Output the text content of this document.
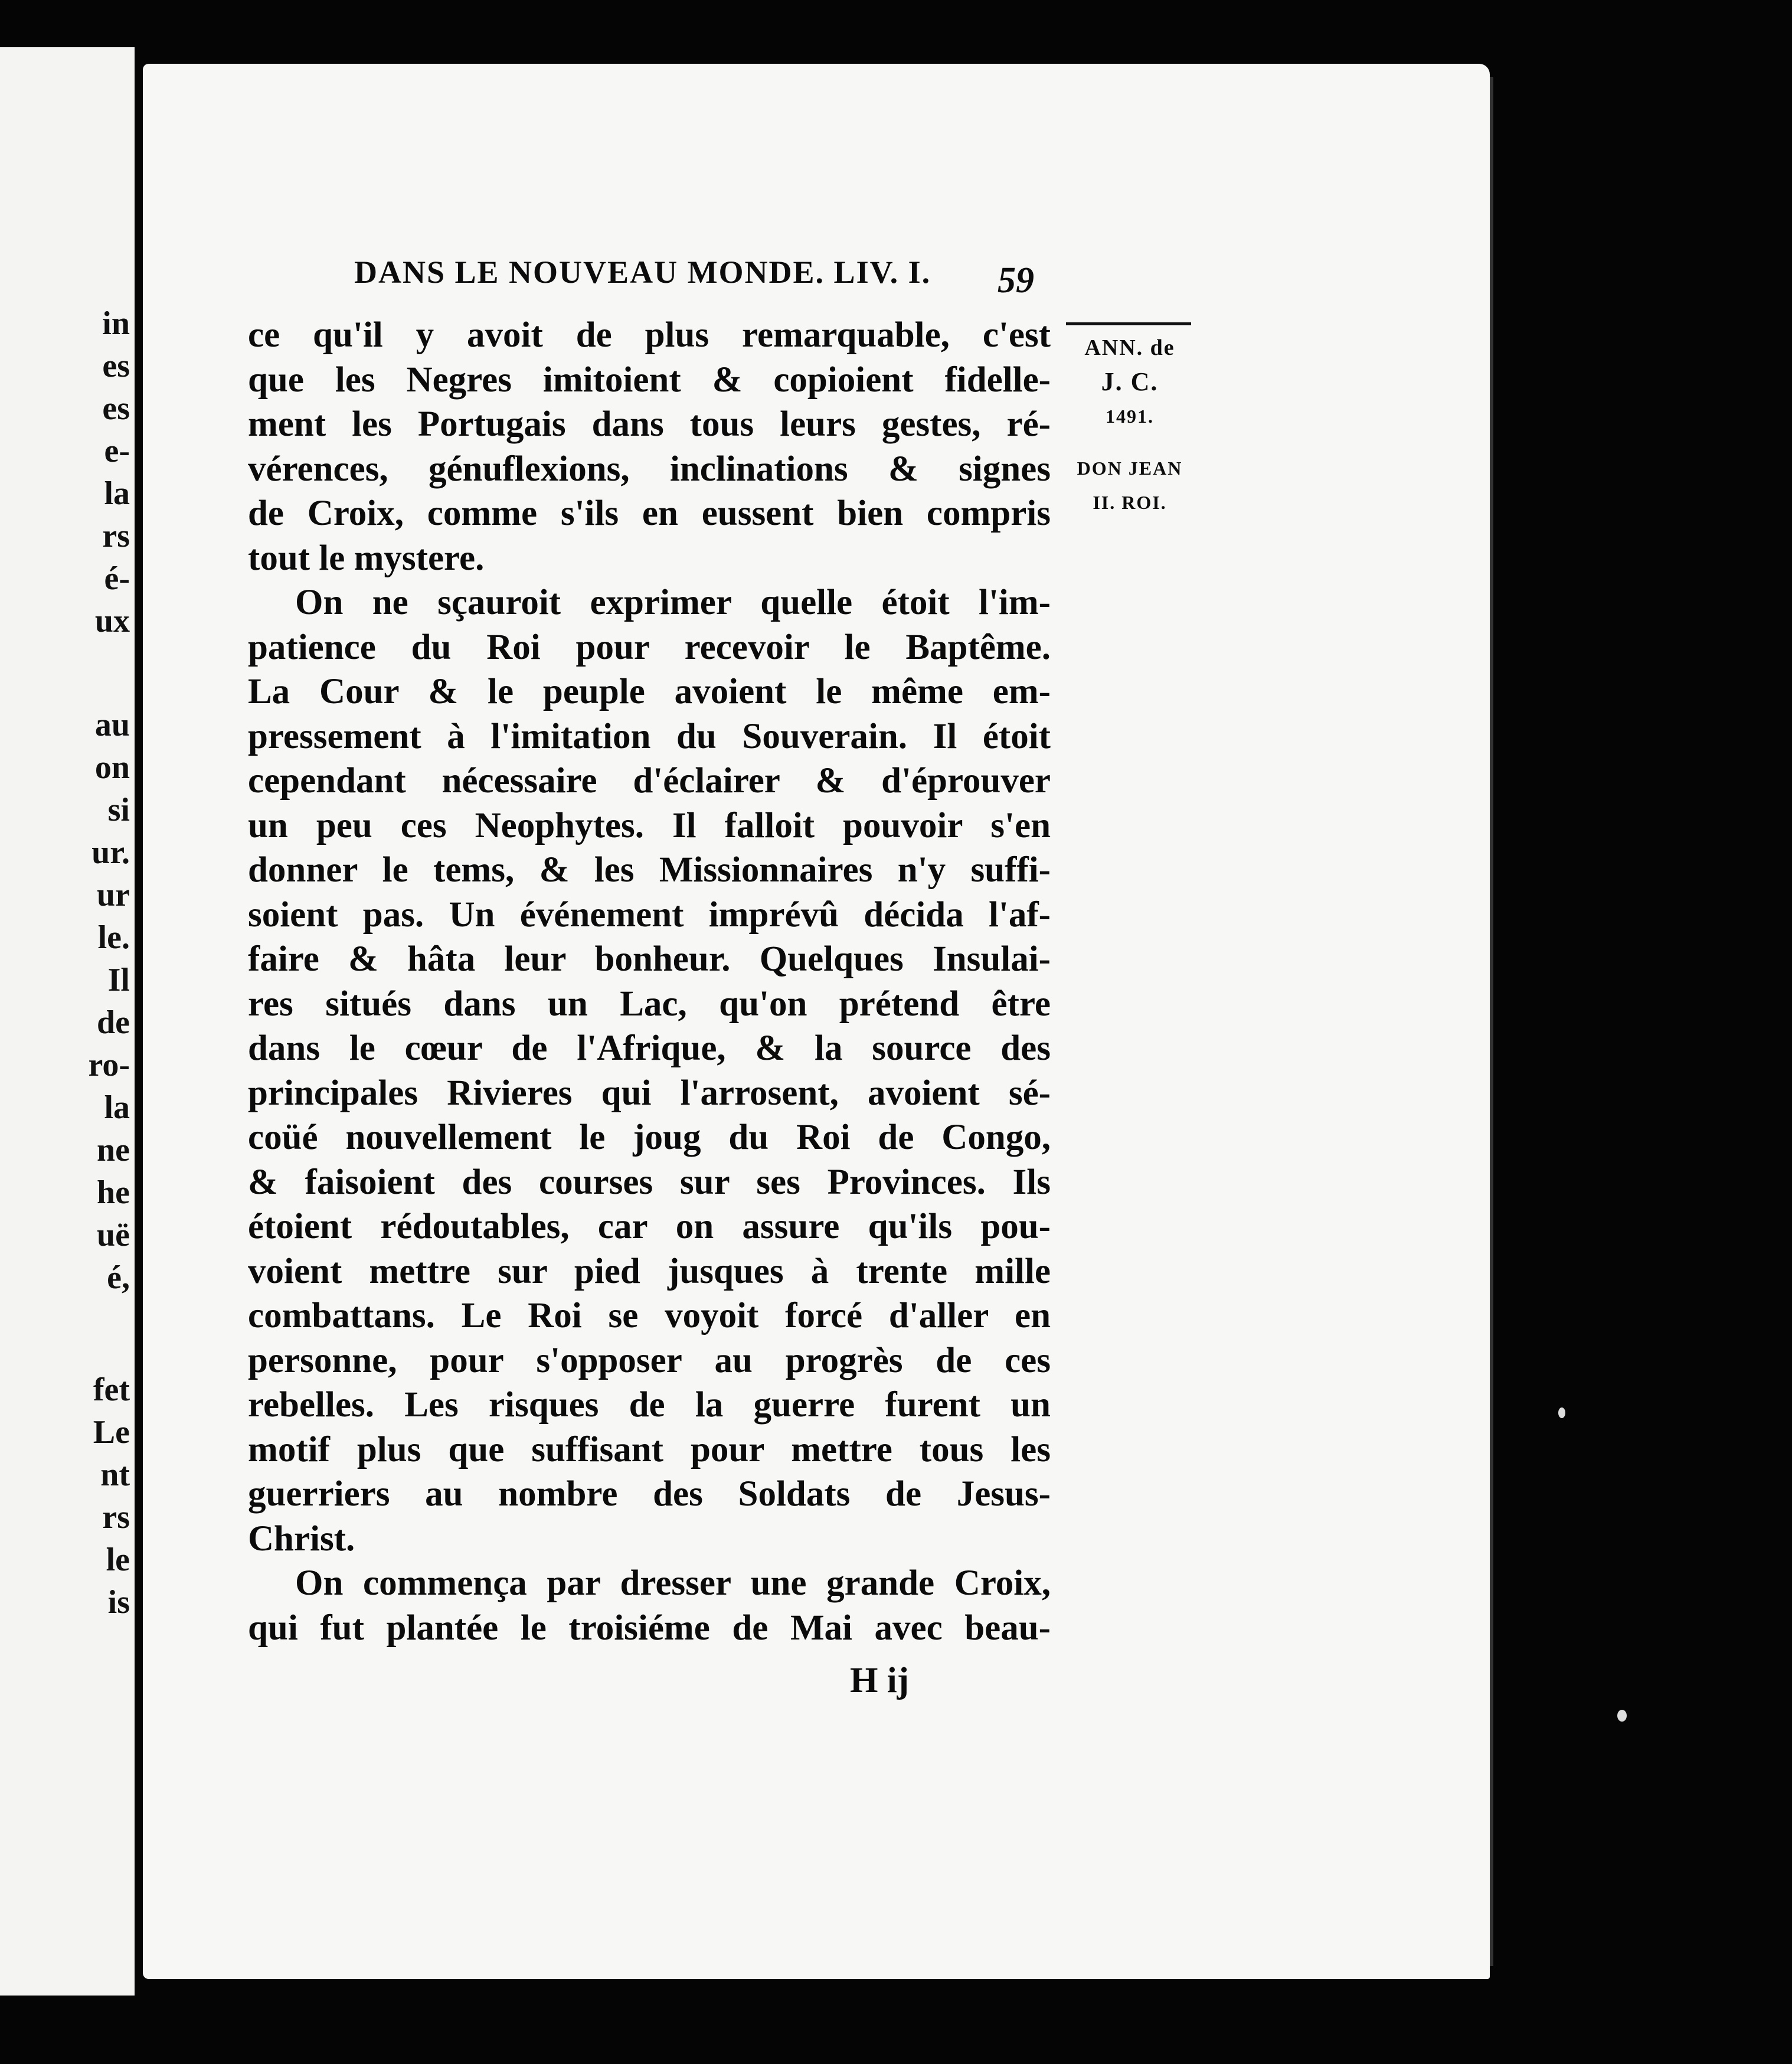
in
es
es
e-
la
rs
é-
ux
au
on
si
ur.
ur
le.
Il
de
ro-
la
ne
he
uë
é,
fet
Le
nt
rs
le
is
DANS LE NOUVEAU MONDE. LIV. I.	59
ce qu'il y avoit de plus remarquable, c'est
que les Negres imitoient & copioient fidelle-
ment les Portugais dans tous leurs gestes, ré-
vérences, génuflexions, inclinations & signes
de Croix, comme s'ils en eussent bien compris
tout le mystere.
On ne sçauroit exprimer quelle étoit l'im-
patience du Roi pour recevoir le Baptême.
La Cour & le peuple avoient le même em-
pressement à l'imitation du Souverain. Il étoit
cependant nécessaire d'éclairer & d'éprouver
un peu ces Neophytes. Il falloit pouvoir s'en
donner le tems, & les Missionnaires n'y suffi-
soient pas. Un événement imprévû décida l'af-
faire & hâta leur bonheur. Quelques Insulai-
res situés dans un Lac, qu'on prétend être
dans le cœur de l'Afrique, & la source des
principales Rivieres qui l'arrosent, avoient sé-
coüé nouvellement le joug du Roi de Congo,
& faisoient des courses sur ses Provinces. Ils
étoient rédoutables, car on assure qu'ils pou-
voient mettre sur pied jusques à trente mille
combattans. Le Roi se voyoit forcé d'aller en
personne, pour s'opposer au progrès de ces
rebelles. Les risques de la guerre furent un
motif plus que suffisant pour mettre tous les
guerriers au nombre des Soldats de Jesus-
Christ.
On commença par dresser une grande Croix,
qui fut plantée le troisiéme de Mai avec beau-
H ij
ANN. de
J. C.
1491.
DON JEAN
II. ROI.
